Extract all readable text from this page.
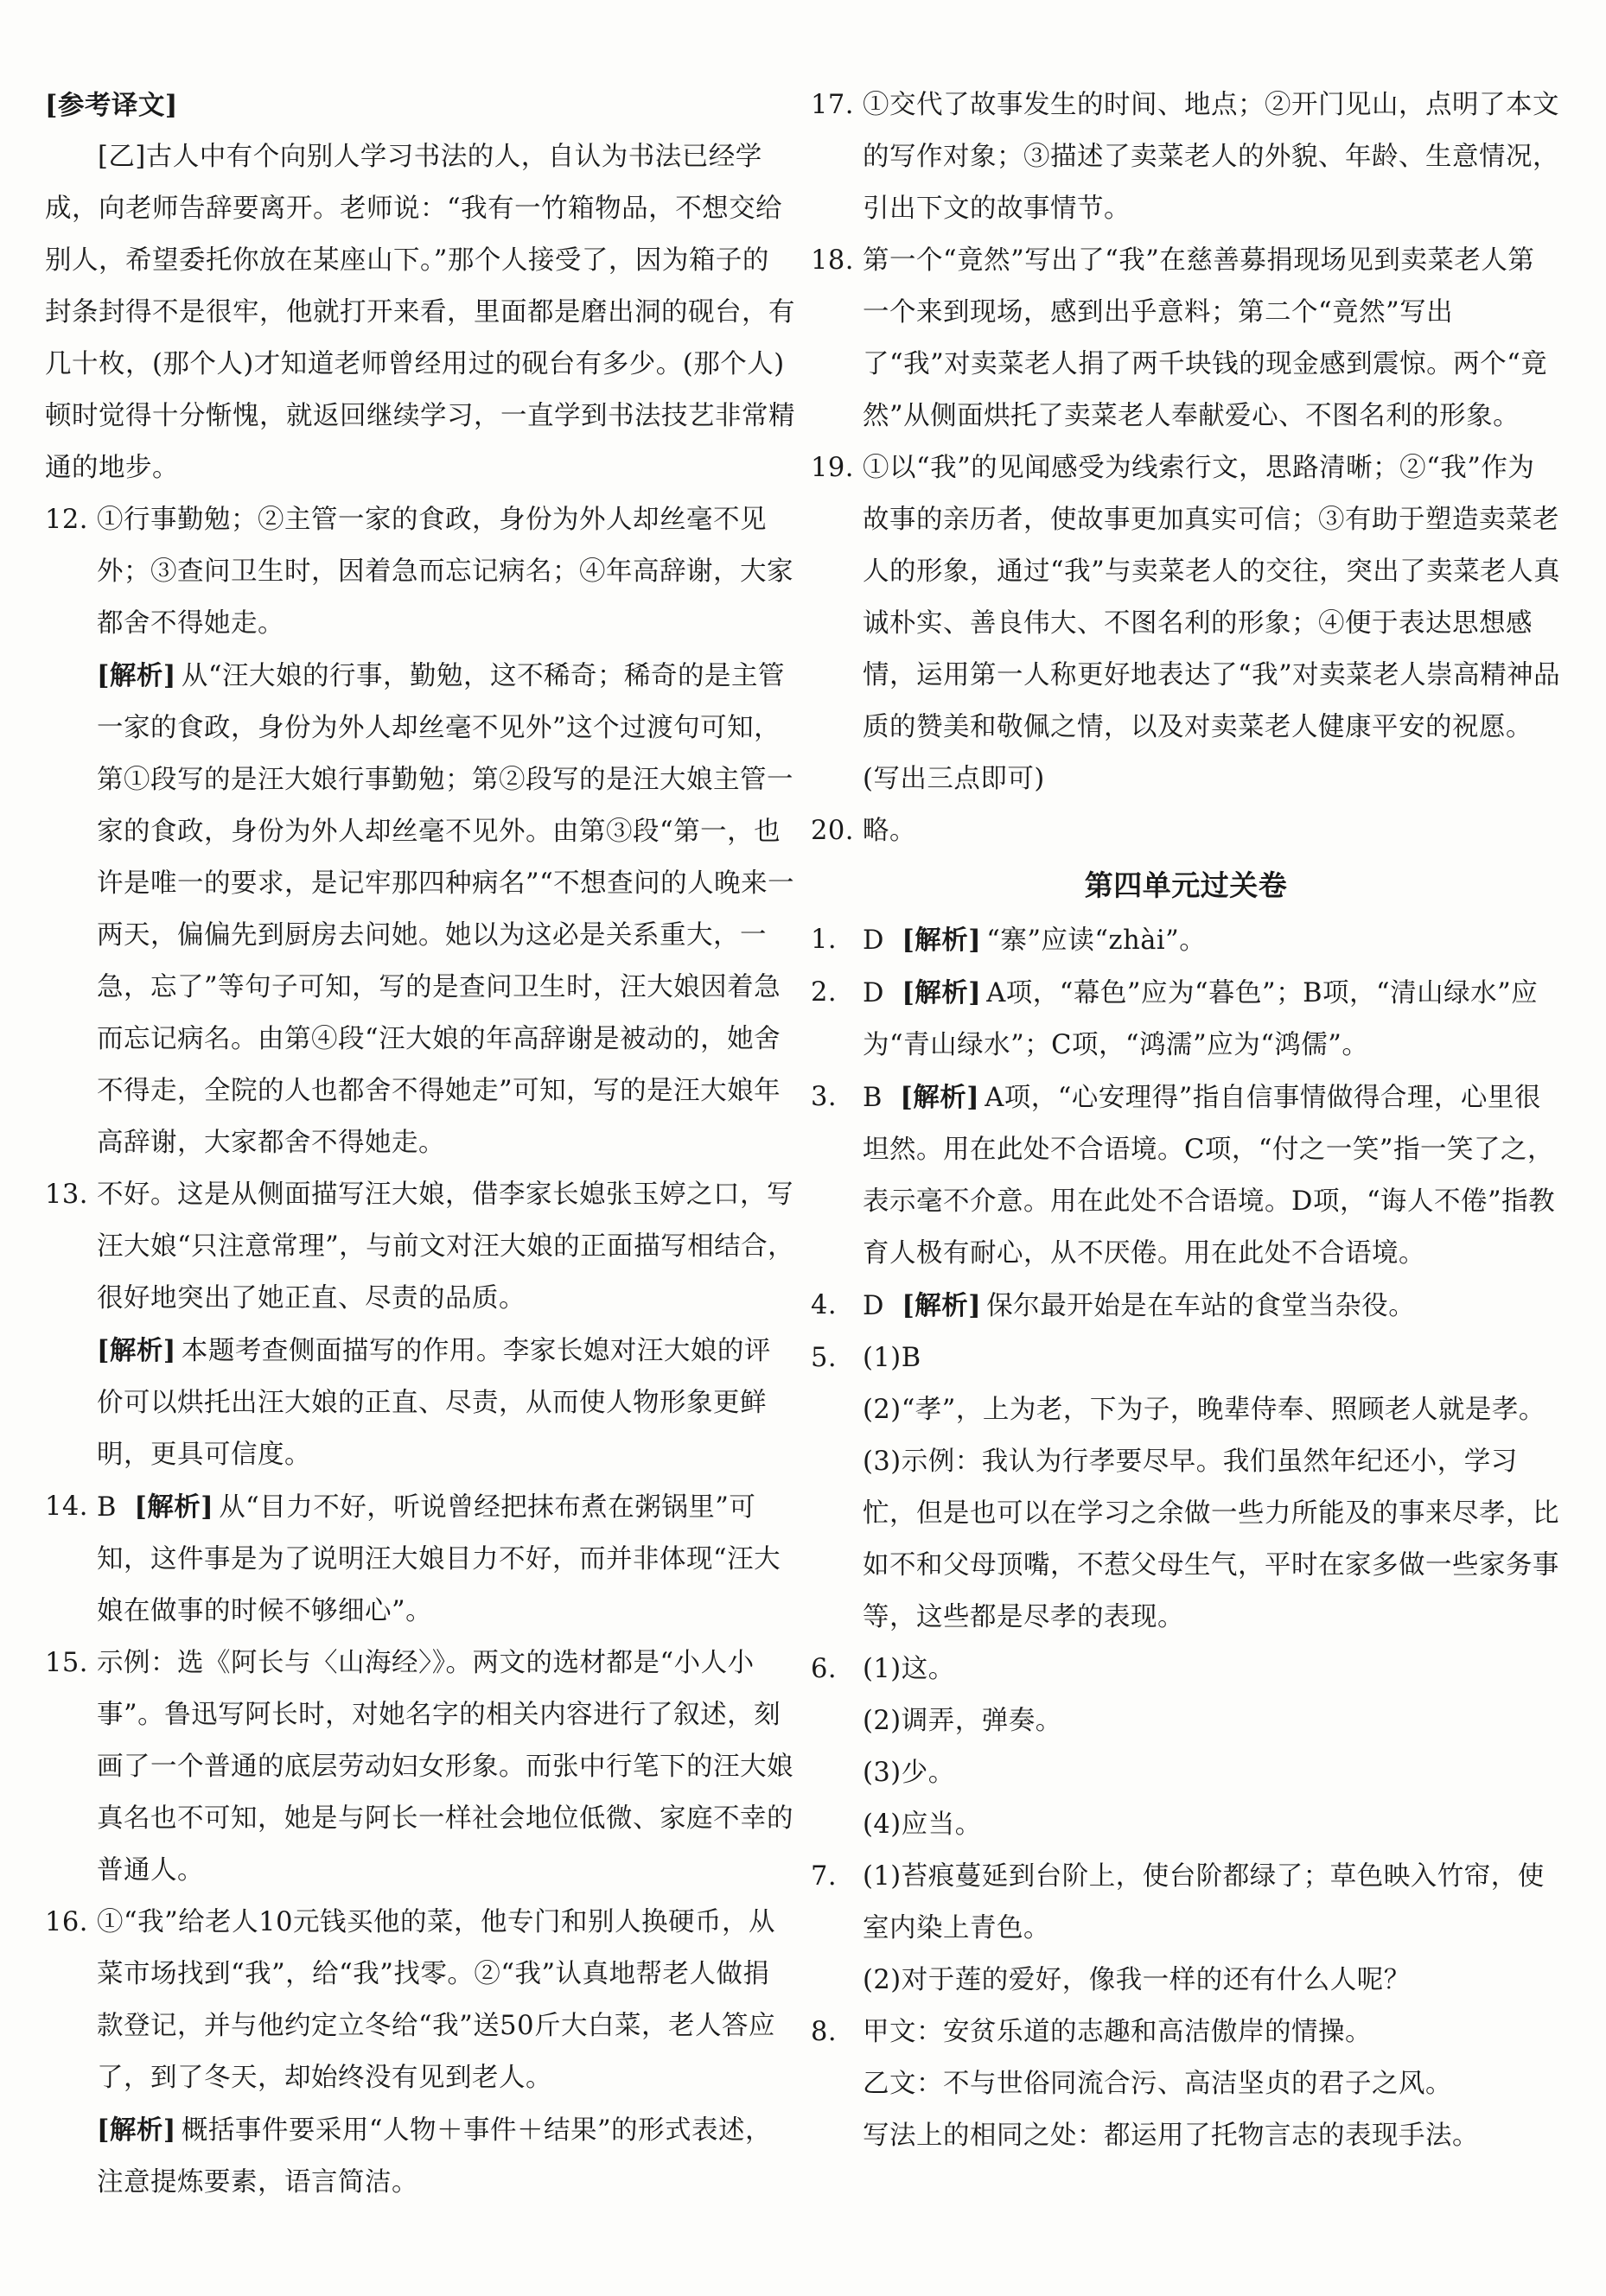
[参考译文]

[乙]古人中有个向别人学习书法的人，自认为书法已经学成，向老师告辞要离开。老师说：“我有一竹箱物品，不想交给别人，希望委托你放在某座山下。”那个人接受了，因为箱子的封条封得不是很牢，他就打开来看，里面都是磨出洞的砚台，有几十枚，(那个人)才知道老师曾经用过的砚台有多少。(那个人)顿时觉得十分惭愧，就返回继续学习，一直学到书法技艺非常精通的地步。

12. ①行事勤勉；②主管一家的食政，身份为外人却丝毫不见外；③查问卫生时，因着急而忘记病名；④年高辞谢，大家都舍不得她走。

[解析] 从“汪大娘的行事，勤勉，这不稀奇；稀奇的是主管一家的食政，身份为外人却丝毫不见外”这个过渡句可知，第①段写的是汪大娘行事勤勉；第②段写的是汪大娘主管一家的食政，身份为外人却丝毫不见外。由第③段“第一，也许是唯一的要求，是记牢那四种病名”“不想查问的人晚来一两天，偏偏先到厨房去问她。她以为这必是关系重大，一急，忘了”等句子可知，写的是查问卫生时，汪大娘因着急而忘记病名。由第④段“汪大娘的年高辞谢是被动的，她舍不得走，全院的人也都舍不得她走”可知，写的是汪大娘年高辞谢，大家都舍不得她走。

13. 不好。这是从侧面描写汪大娘，借李家长媳张玉婷之口，写汪大娘“只注意常理”，与前文对汪大娘的正面描写相结合，很好地突出了她正直、尽责的品质。

[解析] 本题考查侧面描写的作用。李家长媳对汪大娘的评价可以烘托出汪大娘的正直、尽责，从而使人物形象更鲜明，更具可信度。

14. B [解析] 从“目力不好，听说曾经把抹布煮在粥锅里”可知，这件事是为了说明汪大娘目力不好，而并非体现“汪大娘在做事的时候不够细心”。

15. 示例：选《阿长与〈山海经〉》。两文的选材都是“小人小事”。鲁迅写阿长时，对她名字的相关内容进行了叙述，刻画了一个普通的底层劳动妇女形象。而张中行笔下的汪大娘真名也不可知，她是与阿长一样社会地位低微、家庭不幸的普通人。

16. ①“我”给老人10元钱买他的菜，他专门和别人换硬币，从菜市场找到“我”，给“我”找零。②“我”认真地帮老人做捐款登记，并与他约定立冬给“我”送50斤大白菜，老人答应了，到了冬天，却始终没有见到老人。

[解析] 概括事件要采用“人物＋事件＋结果”的形式表述，注意提炼要素，语言简洁。

17. ①交代了故事发生的时间、地点；②开门见山，点明了本文的写作对象；③描述了卖菜老人的外貌、年龄、生意情况，引出下文的故事情节。

18. 第一个“竟然”写出了“我”在慈善募捐现场见到卖菜老人第一个来到现场，感到出乎意料；第二个“竟然”写出了“我”对卖菜老人捐了两千块钱的现金感到震惊。两个“竟然”从侧面烘托了卖菜老人奉献爱心、不图名利的形象。

19. ①以“我”的见闻感受为线索行文，思路清晰；②“我”作为故事的亲历者，使故事更加真实可信；③有助于塑造卖菜老人的形象，通过“我”与卖菜老人的交往，突出了卖菜老人真诚朴实、善良伟大、不图名利的形象；④便于表达思想感情，运用第一人称更好地表达了“我”对卖菜老人崇高精神品质的赞美和敬佩之情，以及对卖菜老人健康平安的祝愿。(写出三点即可)

20. 略。

第四单元过关卷
1. D [解析] “寨”应读“zhài”。

2. D [解析] A项，“幕色”应为“暮色”；B项，“清山绿水”应为“青山绿水”；C项，“鸿濡”应为“鸿儒”。

3. B [解析] A项，“心安理得”指自信事情做得合理，心里很坦然。用在此处不合语境。C项，“付之一笑”指一笑了之，表示毫不介意。用在此处不合语境。D项，“诲人不倦”指教育人极有耐心，从不厌倦。用在此处不合语境。

4. D [解析] 保尔最开始是在车站的食堂当杂役。

5. (1)B

(2)“孝”，上为老，下为子，晚辈侍奉、照顾老人就是孝。

(3)示例：我认为行孝要尽早。我们虽然年纪还小，学习忙，但是也可以在学习之余做一些力所能及的事来尽孝，比如不和父母顶嘴，不惹父母生气，平时在家多做一些家务事等，这些都是尽孝的表现。

6. (1)这。

(2)调弄，弹奏。

(3)少。

(4)应当。

7. (1)苔痕蔓延到台阶上，使台阶都绿了；草色映入竹帘，使室内染上青色。

(2)对于莲的爱好，像我一样的还有什么人呢？

8. 甲文：安贫乐道的志趣和高洁傲岸的情操。

乙文：不与世俗同流合污、高洁坚贞的君子之风。

写法上的相同之处：都运用了托物言志的表现手法。
